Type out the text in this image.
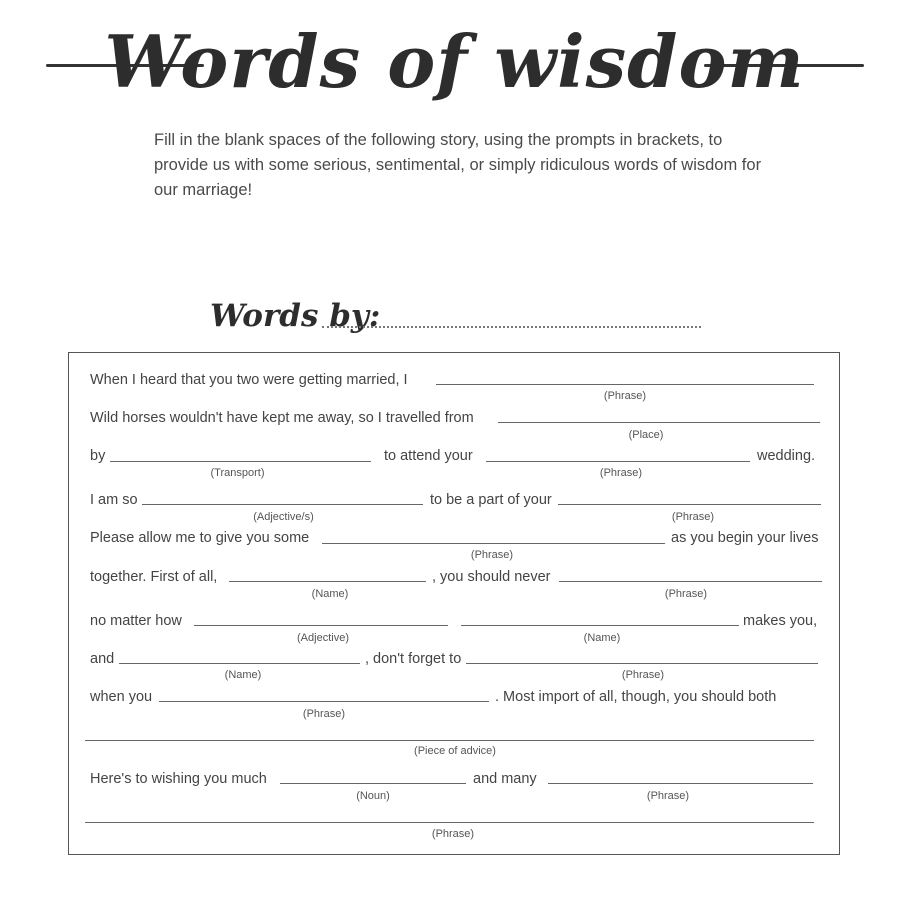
Words of wisdom
Fill in the blank spaces of the following story, using the prompts in brackets, to provide us with some serious, sentimental, or simply ridiculous words of wisdom for our marriage!
Words by:
When I heard that you two were getting married, I
(Phrase)
Wild horses wouldn't have kept me away, so I travelled from
(Place)
by
(Transport)
to attend your
(Phrase)
wedding.
I am so
(Adjective/s)
to be a part of your
(Phrase)
Please allow me to give you some
(Phrase)
as you begin your lives
together. First of all,
(Name)
, you should never
(Phrase)
no matter how
(Adjective)	(Name)
makes you,
and
(Name)
, don't forget to
(Phrase)
when you
(Phrase)
. Most import of all, though, you should both
(Piece of advice)
Here's to wishing you much
(Noun)
and many
(Phrase)
(Phrase)
